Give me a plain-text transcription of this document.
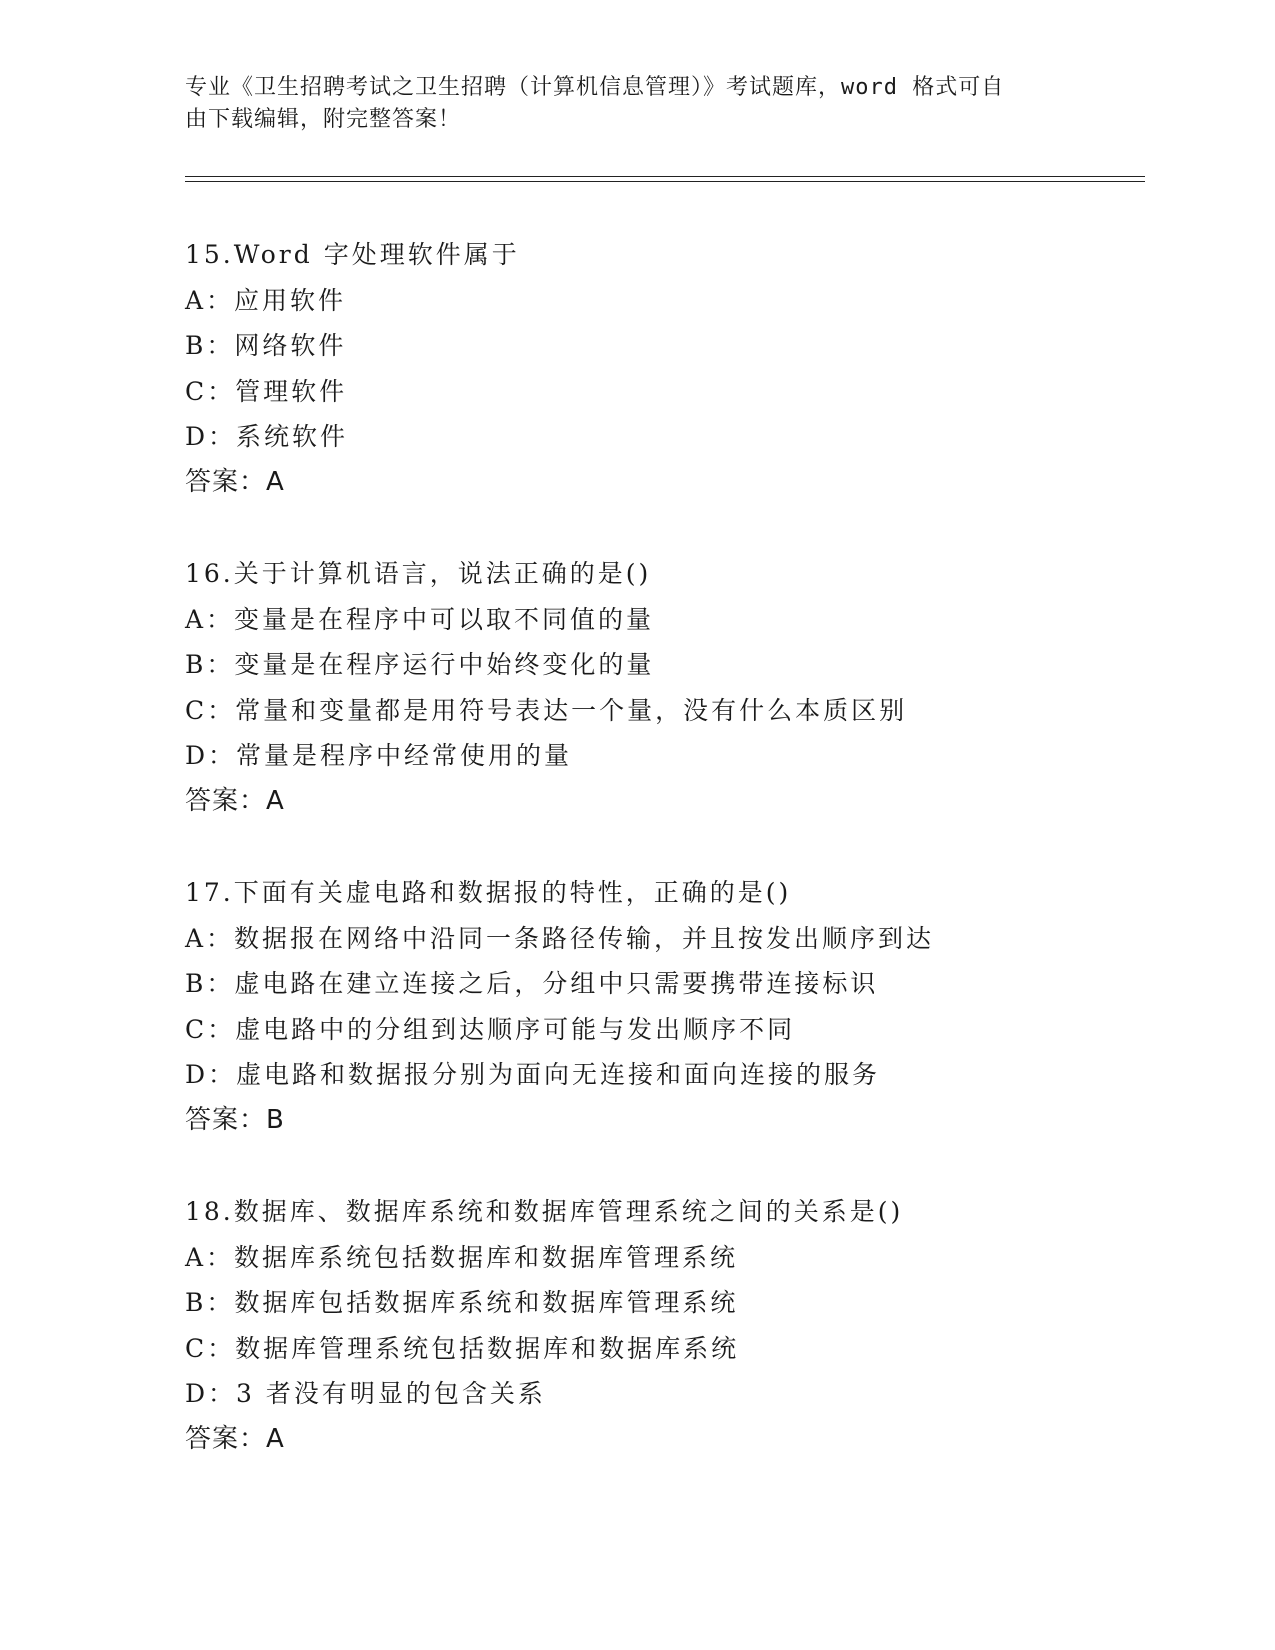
专业《卫生招聘考试之卫生招聘（计算机信息管理）》考试题库，word 格式可自
由下载编辑，附完整答案！
15.Word 字处理软件属于
A：应用软件
B：网络软件
C：管理软件
D：系统软件
答案：A
16.关于计算机语言，说法正确的是()
A：变量是在程序中可以取不同值的量
B：变量是在程序运行中始终变化的量
C：常量和变量都是用符号表达一个量，没有什么本质区别
D：常量是程序中经常使用的量
答案：A
17.下面有关虚电路和数据报的特性，正确的是()
A：数据报在网络中沿同一条路径传输，并且按发出顺序到达
B：虚电路在建立连接之后，分组中只需要携带连接标识
C：虚电路中的分组到达顺序可能与发出顺序不同
D：虚电路和数据报分别为面向无连接和面向连接的服务
答案：B
18.数据库、数据库系统和数据库管理系统之间的关系是()
A：数据库系统包括数据库和数据库管理系统
B：数据库包括数据库系统和数据库管理系统
C：数据库管理系统包括数据库和数据库系统
D：3 者没有明显的包含关系
答案：A
